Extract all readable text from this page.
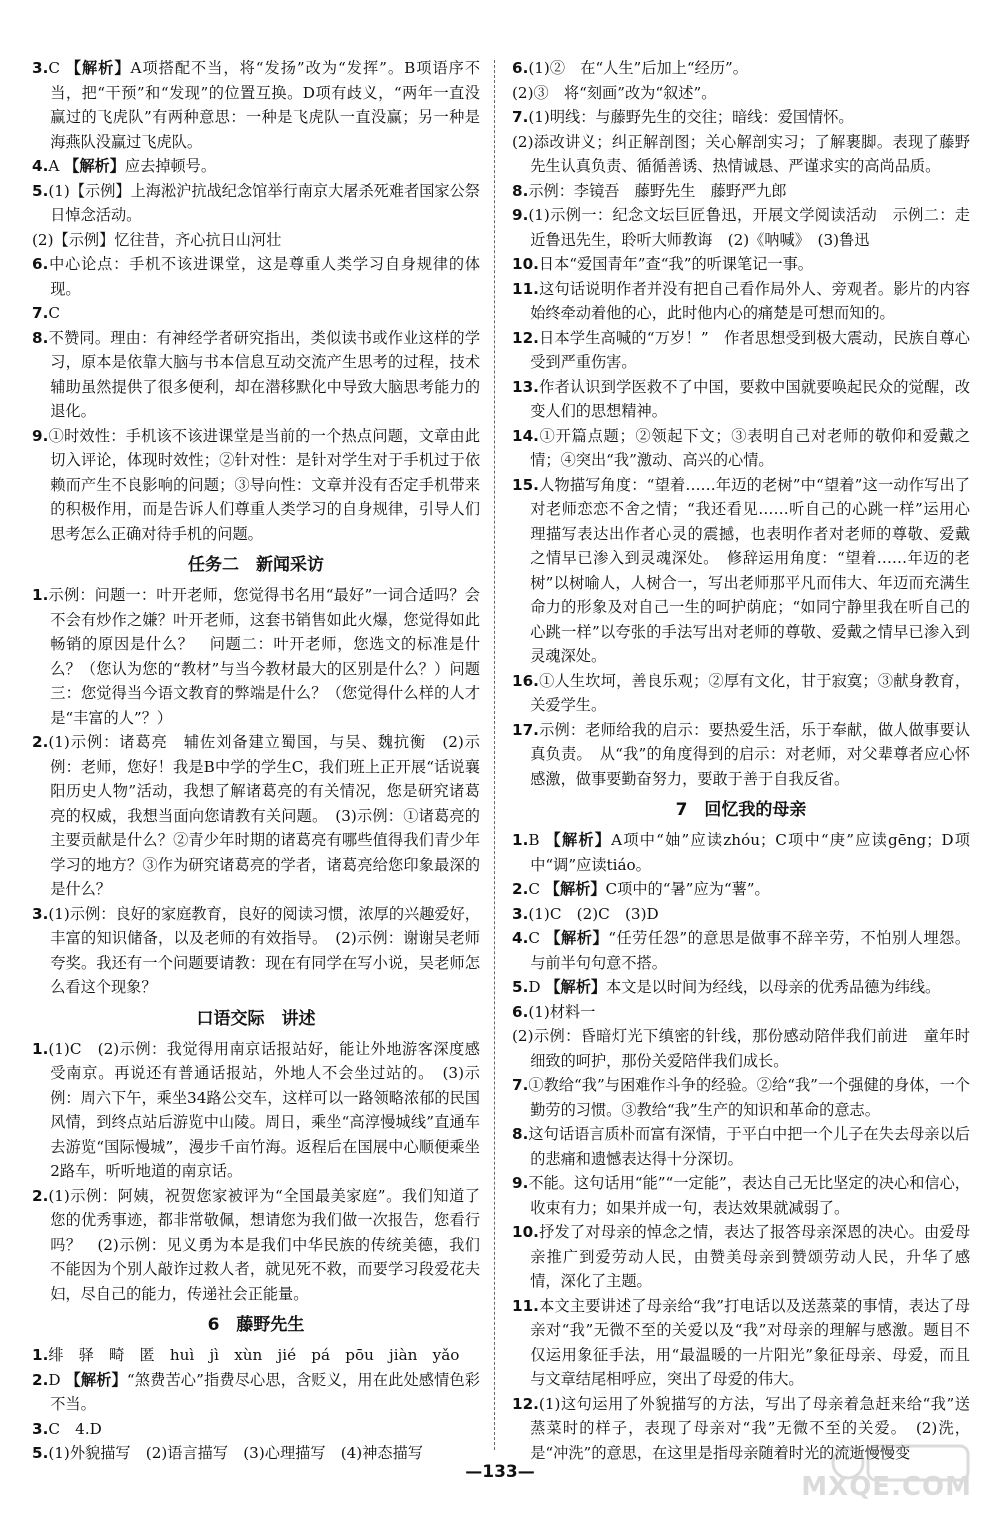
3.C 【解析】A项搭配不当，将“发扬”改为“发挥”。B项语序不当，把“干预”和“发现”的位置互换。D项有歧义，“两年一直没赢过的飞虎队”有两种意思：一种是飞虎队一直没赢；另一种是海燕队没赢过飞虎队。

4.A 【解析】应去掉顿号。

5.(1)【示例】上海淞沪抗战纪念馆举行南京大屠杀死难者国家公祭日悼念活动。

(2)【示例】忆往昔，齐心抗日山河壮

6.中心论点：手机不该进课堂，这是尊重人类学习自身规律的体现。

7.C

8.不赞同。理由：有神经学者研究指出，类似读书或作业这样的学习，原本是依靠大脑与书本信息互动交流产生思考的过程，技术辅助虽然提供了很多便利，却在潜移默化中导致大脑思考能力的退化。

9.①时效性：手机该不该进课堂是当前的一个热点问题，文章由此切入评论，体现时效性；②针对性：是针对学生对于手机过于依赖而产生不良影响的问题；③导向性：文章并没有否定手机带来的积极作用，而是告诉人们尊重人类学习的自身规律，引导人们思考怎么正确对待手机的问题。

任务二　新闻采访

1.示例：问题一：叶开老师，您觉得书名用“最好”一词合适吗？会不会有炒作之嫌？叶开老师，这套书销售如此火爆，您觉得如此畅销的原因是什么？　问题二：叶开老师，您选文的标准是什么？（您认为您的“教材”与当今教材最大的区别是什么？）问题三：您觉得当今语文教育的弊端是什么？（您觉得什么样的人才是“丰富的人”？）

2.(1)示例：诸葛亮　辅佐刘备建立蜀国，与吴、魏抗衡　(2)示例：老师，您好！我是B中学的学生C，我们班上正开展“话说襄阳历史人物”活动，我想了解诸葛亮的有关情况，您是研究诸葛亮的权威，我想当面向您请教有关问题。　(3)示例：①诸葛亮的主要贡献是什么？②青少年时期的诸葛亮有哪些值得我们青少年学习的地方？③作为研究诸葛亮的学者，诸葛亮给您印象最深的是什么？

3.(1)示例：良好的家庭教育，良好的阅读习惯，浓厚的兴趣爱好，丰富的知识储备，以及老师的有效指导。　(2)示例：谢谢吴老师夸奖。我还有一个问题要请教：现在有同学在写小说，吴老师怎么看这个现象？

口语交际　讲述

1.(1)C　(2)示例：我觉得用南京话报站好，能让外地游客深度感受南京。再说还有普通话报站，外地人不会坐过站的。　(3)示例：周六下午，乘坐34路公交车，这样可以一路领略浓郁的民国风情，到终点站后游览中山陵。周日，乘坐“高淳慢城线”直通车去游览“国际慢城”，漫步千亩竹海。返程后在国展中心顺便乘坐2路车，听听地道的南京话。

2.(1)示例：阿姨，祝贺您家被评为“全国最美家庭”。我们知道了您的优秀事迹，都非常敬佩，想请您为我们做一次报告，您看行吗？　(2)示例：见义勇为本是我们中华民族的传统美德，我们不能因为个别人敲诈过救人者，就见死不救，而要学习段爱花夫妇，尽自己的能力，传递社会正能量。

6　藤野先生

1.绯　驿　畸　匿　huì　jì　xùn　jié　pá　pōu　jiàn　yǎo

2.D 【解析】“煞费苦心”指费尽心思，含贬义，用在此处感情色彩不当。

3.C　4.D

5.(1)外貌描写　(2)语言描写　(3)心理描写　(4)神态描写

6.(1)②　在“人生”后加上“经历”。

(2)③　将“刻画”改为“叙述”。

7.(1)明线：与藤野先生的交往；暗线：爱国情怀。

(2)添改讲义；纠正解剖图；关心解剖实习；了解裹脚。表现了藤野先生认真负责、循循善诱、热情诚恳、严谨求实的高尚品质。

8.示例：李镜吾　藤野先生　藤野严九郎

9.(1)示例一：纪念文坛巨匠鲁迅，开展文学阅读活动　示例二：走近鲁迅先生，聆听大师教诲　(2)《呐喊》　(3)鲁迅

10.日本“爱国青年”查“我”的听课笔记一事。

11.这句话说明作者并没有把自己看作局外人、旁观者。影片的内容始终牵动着他的心，此时他内心的痛楚是可想而知的。

12.日本学生高喊的“万岁！”　作者思想受到极大震动，民族自尊心受到严重伤害。

13.作者认识到学医救不了中国，要救中国就要唤起民众的觉醒，改变人们的思想精神。

14.①开篇点题；②领起下文；③表明自己对老师的敬仰和爱戴之情；④突出“我”激动、高兴的心情。

15.人物描写角度：“望着……年迈的老树”中“望着”这一动作写出了对老师恋恋不舍之情；“我还看见……听自己的心跳一样”运用心理描写表达出作者心灵的震撼，也表明作者对老师的尊敬、爱戴之情早已渗入到灵魂深处。　修辞运用角度：“望着……年迈的老树”以树喻人，人树合一，写出老师那平凡而伟大、年迈而充满生命力的形象及对自己一生的呵护荫庇；“如同宁静里我在听自己的心跳一样”以夸张的手法写出对老师的尊敬、爱戴之情早已渗入到灵魂深处。

16.①人生坎坷，善良乐观；②厚有文化，甘于寂寞；③献身教育，关爱学生。

17.示例：老师给我的启示：要热爱生活，乐于奉献，做人做事要认真负责。　从“我”的角度得到的启示：对老师，对父辈尊者应心怀感激，做事要勤奋努力，要敢于善于自我反省。

7　回忆我的母亲

1.B 【解析】A项中“妯”应读zhóu；C项中“庚”应读gēng；D项中“调”应读tiáo。

2.C 【解析】C项中的“暑”应为“薯”。

3.(1)C　(2)C　(3)D

4.C 【解析】“任劳任怨”的意思是做事不辞辛劳，不怕别人埋怨。与前半句句意不搭。

5.D 【解析】本文是以时间为经线，以母亲的优秀品德为纬线。

6.(1)材料一

(2)示例：昏暗灯光下缜密的针线，那份感动陪伴我们前进　童年时细致的呵护，那份关爱陪伴我们成长。

7.①教给“我”与困难作斗争的经验。②给“我”一个强健的身体，一个勤劳的习惯。③教给“我”生产的知识和革命的意志。

8.这句话语言质朴而富有深情，于平白中把一个儿子在失去母亲以后的悲痛和遗憾表达得十分深切。

9.不能。这句话用“能”“一定能”，表达自己无比坚定的决心和信心，收束有力；如果并成一句，表达效果就减弱了。

10.抒发了对母亲的悼念之情，表达了报答母亲深恩的决心。由爱母亲推广到爱劳动人民，由赞美母亲到赞颂劳动人民，升华了感情，深化了主题。

11.本文主要讲述了母亲给“我”打电话以及送蒸菜的事情，表达了母亲对“我”无微不至的关爱以及“我”对母亲的理解与感激。题目不仅运用象征手法，用“最温暖的一片阳光”象征母亲、母爱，而且与文章结尾相呼应，突出了母爱的伟大。

12.(1)这句运用了外貌描写的方法，写出了母亲着急赶来给“我”送蒸菜时的样子，表现了母亲对“我”无微不至的关爱。　(2)洗，是“冲洗”的意思，在这里是指母亲随着时光的流逝慢慢变

—133—	MXQE.COM
